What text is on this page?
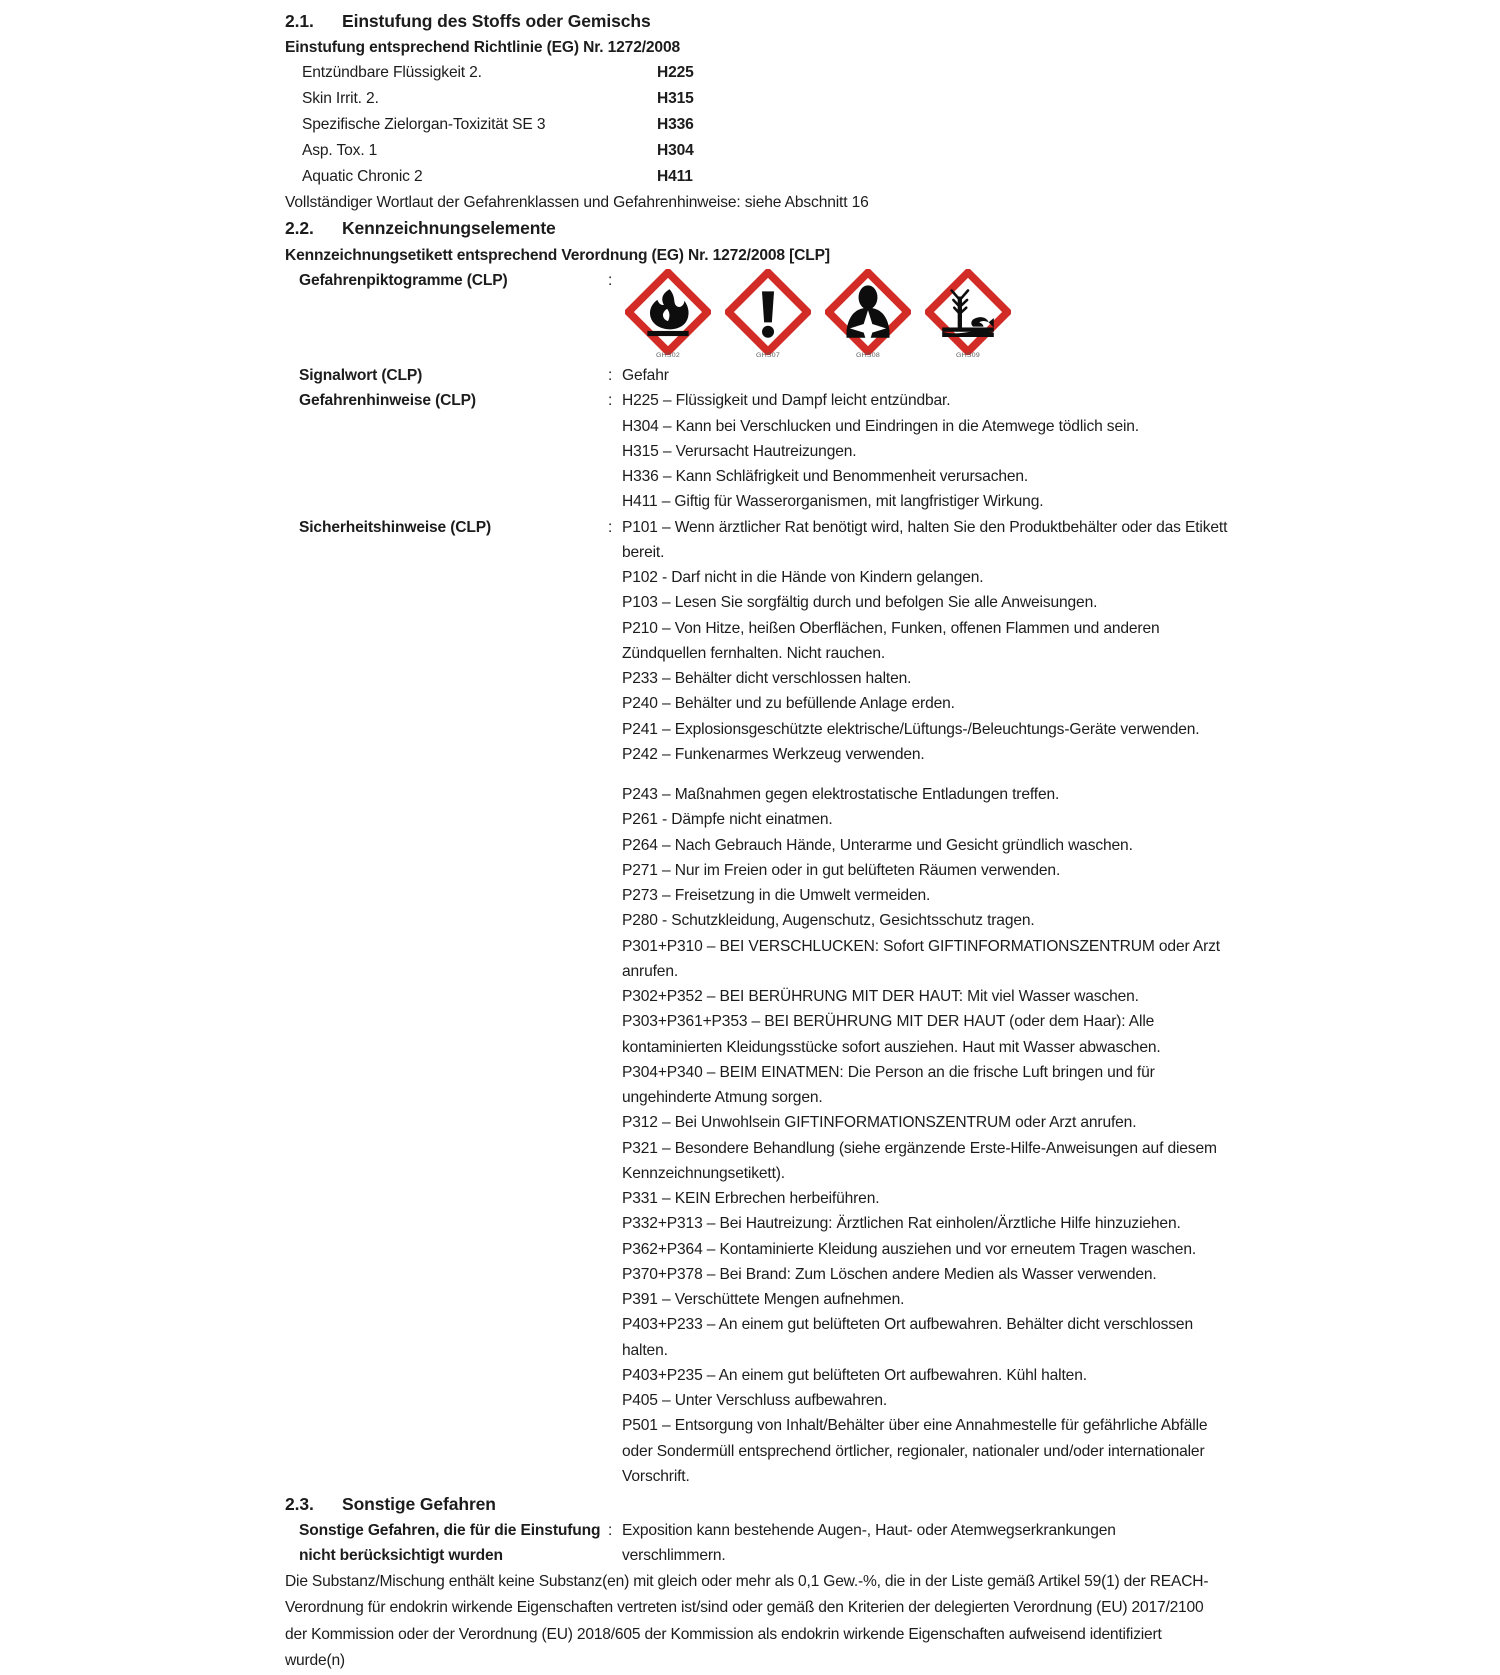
2.1.	Einstufung des Stoffs oder Gemischs
Einstufung entsprechend Richtlinie (EG) Nr. 1272/2008
Entzündbare Flüssigkeit 2.	H225
Skin Irrit. 2.	H315
Spezifische Zielorgan-Toxizität SE 3	H336
Asp. Tox. 1	H304
Aquatic Chronic 2	H411
Vollständiger Wortlaut der Gefahrenklassen und Gefahrenhinweise: siehe Abschnitt 16
2.2.	Kennzeichnungselemente
Kennzeichnungsetikett entsprechend Verordnung (EG) Nr. 1272/2008 [CLP]
Gefahrenpiktogramme (CLP)	:
GHS02	GHS07	GHS08	GHS09
Signalwort (CLP)	: Gefahr
Gefahrenhinweise (CLP)	: H225 – Flüssigkeit und Dampf leicht entzündbar.

H304 – Kann bei Verschlucken und Eindringen in die Atemwege tödlich sein.

H315 – Verursacht Hautreizungen.

H336 – Kann Schläfrigkeit und Benommenheit verursachen.

H411 – Giftig für Wasserorganismen, mit langfristiger Wirkung.

Sicherheitshinweise (CLP)	: P101 – Wenn ärztlicher Rat benötigt wird, halten Sie den Produktbehälter oder das Etikett bereit.

P102 - Darf nicht in die Hände von Kindern gelangen.

P103 – Lesen Sie sorgfältig durch und befolgen Sie alle Anweisungen.

P210 – Von Hitze, heißen Oberflächen, Funken, offenen Flammen und anderen Zündquellen fernhalten. Nicht rauchen.

P233 – Behälter dicht verschlossen halten.

P240 – Behälter und zu befüllende Anlage erden.

P241 – Explosionsgeschützte elektrische/Lüftungs-/Beleuchtungs-Geräte verwenden.

P242 – Funkenarmes Werkzeug verwenden.

P243 – Maßnahmen gegen elektrostatische Entladungen treffen.

P261 - Dämpfe nicht einatmen.

P264 – Nach Gebrauch Hände, Unterarme und Gesicht gründlich waschen.

P271 – Nur im Freien oder in gut belüfteten Räumen verwenden.

P273 – Freisetzung in die Umwelt vermeiden.

P280 - Schutzkleidung, Augenschutz, Gesichtsschutz tragen.

P301+P310 – BEI VERSCHLUCKEN: Sofort GIFTINFORMATIONSZENTRUM oder Arzt anrufen.

P302+P352 – BEI BERÜHRUNG MIT DER HAUT: Mit viel Wasser waschen.

P303+P361+P353 – BEI BERÜHRUNG MIT DER HAUT (oder dem Haar): Alle kontaminierten Kleidungsstücke sofort ausziehen. Haut mit Wasser abwaschen.

P304+P340 – BEIM EINATMEN: Die Person an die frische Luft bringen und für ungehinderte Atmung sorgen.

P312 – Bei Unwohlsein GIFTINFORMATIONSZENTRUM oder Arzt anrufen.

P321 – Besondere Behandlung (siehe ergänzende Erste-Hilfe-Anweisungen auf diesem Kennzeichnungsetikett).

P331 – KEIN Erbrechen herbeiführen.

P332+P313 – Bei Hautreizung: Ärztlichen Rat einholen/Ärztliche Hilfe hinzuziehen.

P362+P364 – Kontaminierte Kleidung ausziehen und vor erneutem Tragen waschen.

P370+P378 – Bei Brand: Zum Löschen andere Medien als Wasser verwenden.

P391 – Verschüttete Mengen aufnehmen.

P403+P233 – An einem gut belüfteten Ort aufbewahren. Behälter dicht verschlossen halten.

P403+P235 – An einem gut belüfteten Ort aufbewahren. Kühl halten.

P405 – Unter Verschluss aufbewahren.

P501 – Entsorgung von Inhalt/Behälter über eine Annahmestelle für gefährliche Abfälle oder Sondermüll entsprechend örtlicher, regionaler, nationaler und/oder internationaler Vorschrift.

2.3.	Sonstige Gefahren
Sonstige Gefahren, die für die Einstufung
nicht berücksichtigt wurden
: Exposition kann bestehende Augen-, Haut- oder Atemwegserkrankungen verschlimmern.

Die Substanz/Mischung enthält keine Substanz(en) mit gleich oder mehr als 0,1 Gew.-%, die in der Liste gemäß Artikel 59(1) der REACH-Verordnung für endokrin wirkende Eigenschaften vertreten ist/sind oder gemäß den Kriterien der delegierten Verordnung (EU) 2017/2100 der Kommission oder der Verordnung (EU) 2018/605 der Kommission als endokrin wirkende Eigenschaften aufweisend identifiziert wurde(n)
